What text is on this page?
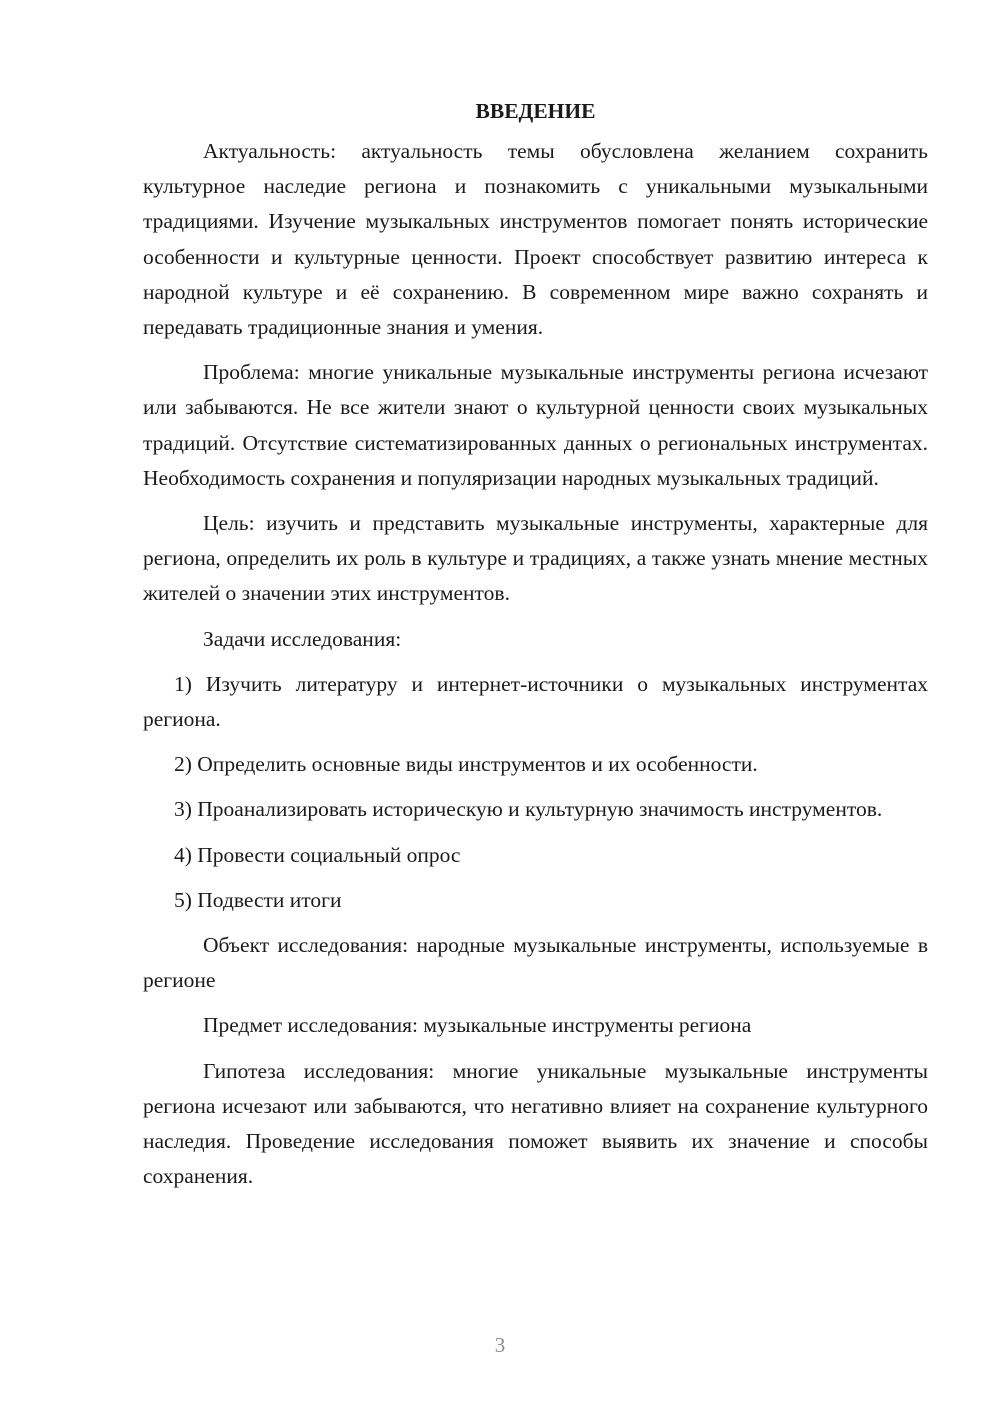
ВВЕДЕНИЕ

Актуальность: актуальность темы обусловлена желанием сохранить культурное наследие региона и познакомить с уникальными музыкальными традициями. Изучение музыкальных инструментов помогает понять исторические особенности и культурные ценности. Проект способствует развитию интереса к народной культуре и её сохранению. В современном мире важно сохранять и передавать традиционные знания и умения.

Проблема: многие уникальные музыкальные инструменты региона исчезают или забываются. Не все жители знают о культурной ценности своих музыкальных традиций. Отсутствие систематизированных данных о региональных инструментах. Необходимость сохранения и популяризации народных музыкальных традиций.

Цель: изучить и представить музыкальные инструменты, характерные для региона, определить их роль в культуре и традициях, а также узнать мнение местных жителей о значении этих инструментов.

Задачи исследования:

1) Изучить литературу и интернет-источники о музыкальных инструментах региона.

2) Определить основные виды инструментов и их особенности.

3) Проанализировать историческую и культурную значимость инструментов.

4) Провести социальный опрос

5) Подвести итоги

Объект исследования: народные музыкальные инструменты, используемые в регионе

Предмет исследования: музыкальные инструменты региона

Гипотеза исследования: многие уникальные музыкальные инструменты региона исчезают или забываются, что негативно влияет на сохранение культурного наследия. Проведение исследования поможет выявить их значение и способы сохранения.

3
